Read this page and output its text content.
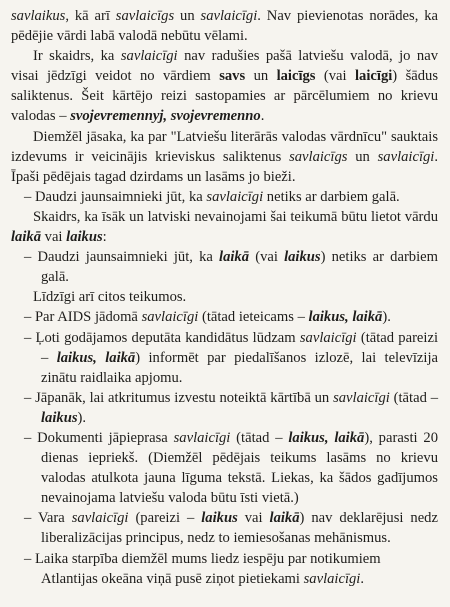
savlaikus, kā arī savlaicīgs un savlaicīgi. Nav pievienotas norādes, ka pēdējie vārdi labā valodā nebūtu vēlami.

Ir skaidrs, ka savlaicīgi nav radušies pašā latviešu valodā, jo nav visai jēdzīgi veidot no vārdiem savs un laicīgs (vai laicīgi) šādus saliktenus. Šeit kārtējo reizi sastopamies ar pārcēlumiem no krievu valodas – svojevremennyj, svojevremenno.

Diemžēl jāsaka, ka par "Latviešu literārās valodas vārdnīcu" sauktais izdevums ir veicinājis krieviskus saliktenus savlaicīgs un savlaicīgi. Īpaši pēdējais tagad dzirdams un lasāms jo bieži.

– Daudzi jaunsaimnieki jūt, ka savlaicīgi netiks ar darbiem galā.

Skaidrs, ka īsāk un latviski nevainojami šai teikumā būtu lietot vārdu laikā vai laikus:

– Daudzi jaunsaimnieki jūt, ka laikā (vai laikus) netiks ar darbiem galā.

Līdzīgi arī citos teikumos.

– Par AIDS jādomā savlaicīgi (tātad ieteicams – laikus, laikā).

– Ļoti godājamos deputāta kandidātus lūdzam savlaicīgi (tātad pareizi – laikus, laikā) informēt par piedalīšanos izlozē, lai televīzija zinātu raidlaika apjomu.

– Jāpanāk, lai atkritumus izvestu noteiktā kārtībā un savlaicīgi (tātad – laikus).

– Dokumenti jāpieprasa savlaicīgi (tātad – laikus, laikā), parasti 20 dienas iepriekš. (Diemžēl pēdējais teikums lasāms no krievu valodas atulkota jauna līguma tekstā. Liekas, ka šādos gadījumos nevainojama latviešu valoda būtu īsti vietā.)

– Vara savlaicīgi (pareizi – laikus vai laikā) nav deklarējusi nedz liberalizācijas principus, nedz to iemiesošanas mehānismus.

– Laika starpība diemžēl mums liedz iespēju par notikumiem Atlantijas okeāna viņā pusē ziņot pietiekami savlaicīgi.
